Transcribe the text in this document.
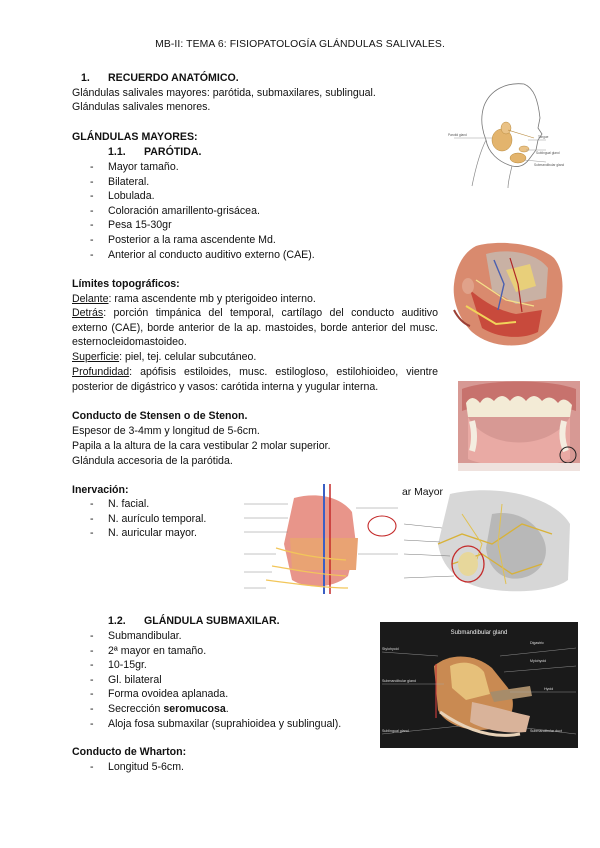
MB-II: TEMA 6: FISIOPATOLOGÍA GLÁNDULAS SALIVALES.
1. RECUERDO ANATÓMICO.
Glándulas salivales mayores: parótida, submaxilares, sublingual.
Glándulas salivales menores.
GLÁNDULAS MAYORES:
1.1. PARÓTIDA.
- Mayor tamaño.
- Bilateral.
- Lobulada.
- Coloración amarillento-grisácea.
- Pesa 15-30gr
- Posterior a la rama ascendente Md.
- Anterior al conducto auditivo externo (CAE).
Límites topográficos:
Delante: rama ascendente mb y pterigoideo interno.
Detrás: porción timpánica del temporal, cartílago del conducto auditivo externo (CAE), borde anterior de la ap. mastoides, borde anterior del musc. esternocleidomastoideo.
Superficie: piel, tej. celular subcutáneo.
Profundidad: apófisis estiloides, musc. estilogloso, estilohioideo, vientre posterior de digástrico y vasos: carótida interna y yugular interna.
Conducto de Stensen o de Stenon.
Espesor de 3-4mm y longitud de 5-6cm.
Papila a la altura de la cara vestibular 2 molar superior.
Glándula accesoria de la parótida.
Inervación:
- N. facial.
- N. aurículo temporal.
- N. auricular mayor.
1.2. GLÁNDULA SUBMAXILAR.
- Submandibular.
- 2ª mayor en tamaño.
- 10-15gr.
- Gl. bilateral
- Forma ovoidea aplanada.
- Secrección seromucosa.
- Aloja fosa submaxilar (suprahioidea y sublingual).
Conducto de Wharton:
- Longitud 5-6cm.
Parotid gland	Tongue
Sublingual gland
Submandibular gland
ar Mayor
Submandibular gland
Digastric
Mylohyoid
Stylohyoid
Hyoid
Submandibular gland
Submandibular duct
Sublingual gland
